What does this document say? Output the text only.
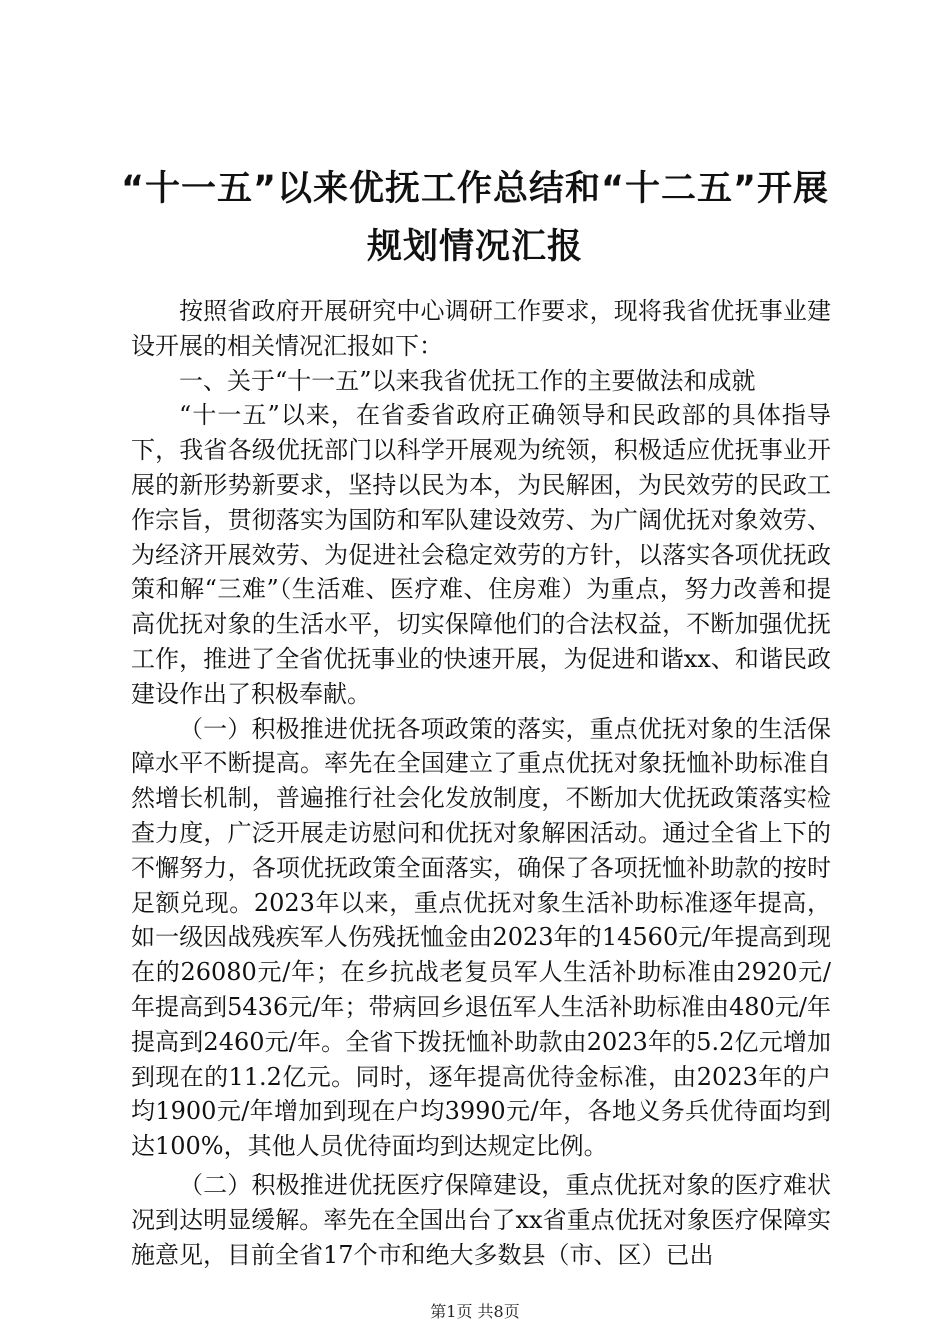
“十一五”以来优抚工作总结和“十二五”开展规划情况汇报

按照省政府开展研究中心调研工作要求，现将我省优抚事业建设开展的相关情况汇报如下：

一、关于“十一五”以来我省优抚工作的主要做法和成就

“十一五”以来，在省委省政府正确领导和民政部的具体指导下，我省各级优抚部门以科学开展观为统领，积极适应优抚事业开展的新形势新要求，坚持以民为本，为民解困，为民效劳的民政工作宗旨，贯彻落实为国防和军队建设效劳、为广阔优抚对象效劳、为经济开展效劳、为促进社会稳定效劳的方针，以落实各项优抚政策和解“三难”（生活难、医疗难、住房难）为重点，努力改善和提高优抚对象的生活水平，切实保障他们的合法权益，不断加强优抚工作，推进了全省优抚事业的快速开展，为促进和谐xx、和谐民政建设作出了积极奉献。

（一）积极推进优抚各项政策的落实，重点优抚对象的生活保障水平不断提高。率先在全国建立了重点优抚对象抚恤补助标准自然增长机制，普遍推行社会化发放制度，不断加大优抚政策落实检查力度，广泛开展走访慰问和优抚对象解困活动。通过全省上下的不懈努力，各项优抚政策全面落实，确保了各项抚恤补助款的按时足额兑现。2023年以来，重点优抚对象生活补助标准逐年提高，如一级因战残疾军人伤残抚恤金由2023年的14560元/年提高到现在的26080元/年；在乡抗战老复员军人生活补助标准由2920元/年提高到5436元/年；带病回乡退伍军人生活补助标准由480元/年提高到2460元/年。全省下拨抚恤补助款由2023年的5.2亿元增加到现在的11.2亿元。同时，逐年提高优待金标准，由2023年的户均1900元/年增加到现在户均3990元/年，各地义务兵优待面均到达100%，其他人员优待面均到达规定比例。

（二）积极推进优抚医疗保障建设，重点优抚对象的医疗难状况到达明显缓解。率先在全国出台了xx省重点优抚对象医疗保障实施意见，目前全省17个市和绝大多数县（市、区）已出

第1页 共8页
